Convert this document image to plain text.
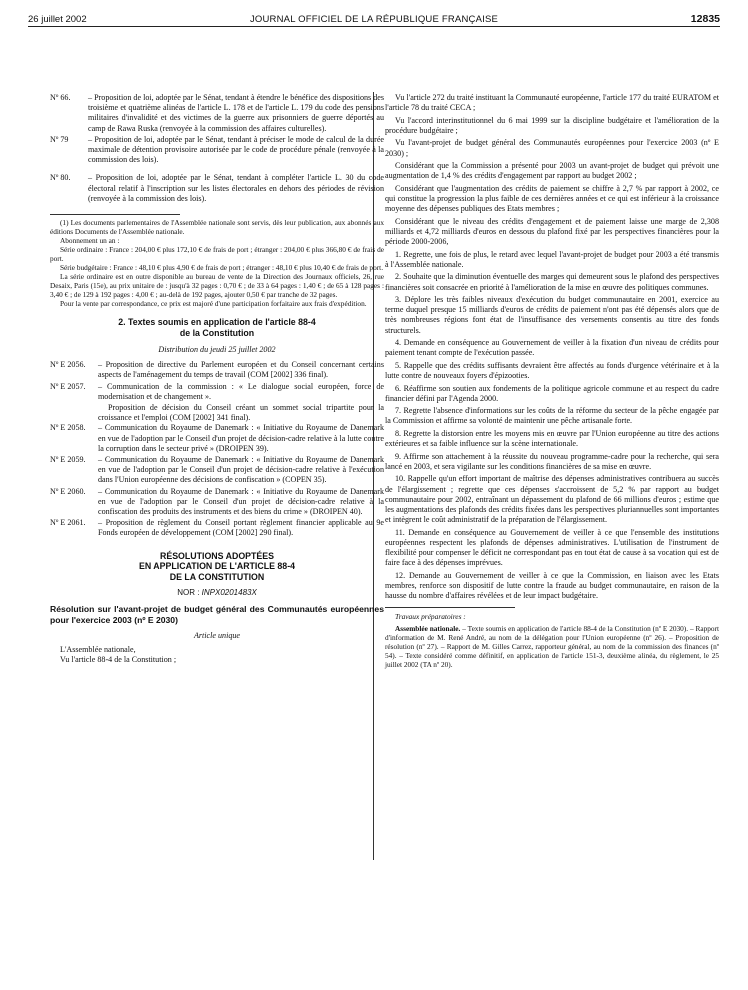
26 juillet 2002	JOURNAL OFFICIEL DE LA RÉPUBLIQUE FRANÇAISE	12835
Nº 66.	– Proposition de loi, adoptée par le Sénat, tendant à étendre le bénéfice des dispositions des troisième et quatrième alinéas de l'article L. 178 et de l'article L. 179 du code des pensions militaires d'invalidité et des victimes de la guerre aux prisonniers de guerre déportés au camp de Rawa Ruska (renvoyée à la commission des affaires culturelles).
Nº 79	– Proposition de loi, adoptée par le Sénat, tendant à préciser le mode de calcul de la durée maximale de détention provisoire autorisée par le code de procédure pénale (renvoyée à la commission des lois).
Nº 80.	– Proposition de loi, adoptée par le Sénat, tendant à compléter l'article L. 30 du code électoral relatif à l'inscription sur les listes électorales en dehors des périodes de révision (renvoyée à la commission des lois).

(1) Les documents parlementaires de l'Assemblée nationale sont servis, dès leur publication, aux abonnés aux éditions Documents de l'Assemblée nationale.

Abonnement un an :

Série ordinaire : France : 204,00 € plus 172,10 € de frais de port ; étranger : 204,00 € plus 366,80 € de frais de port.

Série budgétaire : France : 48,10 € plus 4,90 € de frais de port ; étranger : 48,10 € plus 10,40 € de frais de port.

La série ordinaire est en outre disponible au bureau de vente de la Direction des Journaux officiels, 26, rue Desaix, Paris (15e), au prix unitaire de : jusqu'à 32 pages : 0,70 € ; de 33 à 64 pages : 1,40 € ; de 65 à 128 pages : 3,40 € ; de 129 à 192 pages : 4,00 € ; au-delà de 192 pages, ajouter 0,50 € par tranche de 32 pages.

Pour la vente par correspondance, ce prix est majoré d'une participation forfaitaire aux frais d'expédition.

2. Textes soumis en application de l'article 88-4
de la Constitution
Distribution du jeudi 25 juillet 2002
Nº E 2056.	– Proposition de directive du Parlement européen et du Conseil concernant certains aspects de l'aménagement du temps de travail (COM [2002] 336 final).
Nº E 2057.	– Communication de la commission : « Le dialogue social européen, force de modernisation et de changement ».
Proposition de décision du Conseil créant un sommet social tripartite pour la croissance et l'emploi (COM [2002] 341 final).
Nº E 2058.	– Communication du Royaume de Danemark : « Initiative du Royaume de Danemark en vue de l'adoption par le Conseil d'un projet de décision-cadre relative à la lutte contre la corruption dans le secteur privé » (DROIPEN 39).
Nº E 2059.	– Communication du Royaume de Danemark : « Initiative du Royaume de Danemark en vue de l'adoption par le Conseil d'un projet de décision-cadre relative à l'exécution dans l'Union européenne des décisions de confiscation » (COPEN 35).
Nº E 2060.	– Communication du Royaume de Danemark : « Initiative du Royaume de Danemark en vue de l'adoption par le Conseil d'un projet de décision-cadre relative à la confiscation des produits des instruments et des biens du crime » (DROIPEN 40).
Nº E 2061.	– Proposition de règlement du Conseil portant règlement financier applicable au 9e Fonds européen de développement (COM [2002] 290 final).
RÉSOLUTIONS ADOPTÉES
EN APPLICATION DE L'ARTICLE 88-4
DE LA CONSTITUTION
NOR : INPX0201483X
Résolution sur l'avant-projet de budget général des Communautés européennes pour l'exercice 2003 (nº E 2030)
Article unique

L'Assemblée nationale,

Vu l'article 88-4 de la Constitution ;

Vu l'article 272 du traité instituant la Communauté européenne, l'article 177 du traité EURATOM et l'article 78 du traité CECA ;

Vu l'accord interinstitutionnel du 6 mai 1999 sur la discipline budgétaire et l'amélioration de la procédure budgétaire ;

Vu l'avant-projet de budget général des Communautés européennes pour l'exercice 2003 (nº E 2030) ;

Considérant que la Commission a présenté pour 2003 un avant-projet de budget qui prévoit une augmentation de 1,4 % des crédits d'engagement par rapport au budget 2002 ;

Considérant que l'augmentation des crédits de paiement se chiffre à 2,7 % par rapport à 2002, ce qui constitue la progression la plus faible de ces dernières années et ce qui est inférieur à la croissance moyenne des dépenses publiques des Etats membres ;

Considérant que le niveau des crédits d'engagement et de paiement laisse une marge de 2,308 milliards et 4,72 milliards d'euros en dessous du plafond fixé par les perspectives financières pour la période 2000-2006,

1. Regrette, une fois de plus, le retard avec lequel l'avant-projet de budget pour 2003 a été transmis à l'Assemblée nationale.

2. Souhaite que la diminution éventuelle des marges qui demeurent sous le plafond des perspectives financières soit consacrée en priorité à l'amélioration de la mise en œuvre des politiques communes.

3. Déplore les très faibles niveaux d'exécution du budget communautaire en 2001, exercice au terme duquel presque 15 milliards d'euros de crédits de paiement n'ont pas été dépensés alors que de très nombreuses régions font état de l'insuffisance des versements consentis au titre des fonds structurels.

4. Demande en conséquence au Gouvernement de veiller à la fixation d'un niveau de crédits pour paiement tenant compte de l'exécution passée.

5. Rappelle que des crédits suffisants devraient être affectés au fonds d'urgence vétérinaire et à la lutte contre de nouveaux foyers d'épizooties.

6. Réaffirme son soutien aux fondements de la politique agricole commune et au respect du cadre financier défini par l'Agenda 2000.

7. Regrette l'absence d'informations sur les coûts de la réforme du secteur de la pêche engagée par la Commission et affirme sa volonté de maintenir une pêche artisanale forte.

8. Regrette la distorsion entre les moyens mis en œuvre par l'Union européenne au titre des actions extérieures et sa faible influence sur la scène internationale.

9. Affirme son attachement à la réussite du nouveau programme-cadre pour la recherche, qui sera lancé en 2003, et sera vigilante sur les conditions financières de sa mise en œuvre.

10. Rappelle qu'un effort important de maîtrise des dépenses administratives contribuera au succès de l'élargissement ; regrette que ces dépenses s'accroissent de 5,2 % par rapport au budget communautaire pour 2002, entraînant un dépassement du plafond de 66 millions d'euros ; estime que les augmentations des plafonds des crédits fixées dans les perspectives pluriannuelles sont importantes et intègrent le coût administratif de la préparation de l'élargissement.

11. Demande en conséquence au Gouvernement de veiller à ce que l'ensemble des institutions européennes respectent les plafonds de dépenses administratives. L'utilisation de l'instrument de flexibilité pour compenser le déficit ne correspondant pas en tout état de cause à sa vocation qui est de faire face à des dépenses imprévues.

12. Demande au Gouvernement de veiller à ce que la Commission, en liaison avec les Etats membres, renforce son dispositif de lutte contre la fraude au budget communautaire, en raison de la hausse du nombre d'affaires révélées et de leur impact budgétaire.

Travaux préparatoires :

Assemblée nationale. – Texte soumis en application de l'article 88-4 de la Constitution (nº E 2030). – Rapport d'information de M. René André, au nom de la délégation pour l'Union européenne (nº 26). – Proposition de résolution (nº 27). – Rapport de M. Gilles Carrez, rapporteur général, au nom de la commission des finances (nº 54). – Texte considéré comme définitif, en application de l'article 151-3, deuxième alinéa, du règlement, le 25 juillet 2002 (TA nº 20).
